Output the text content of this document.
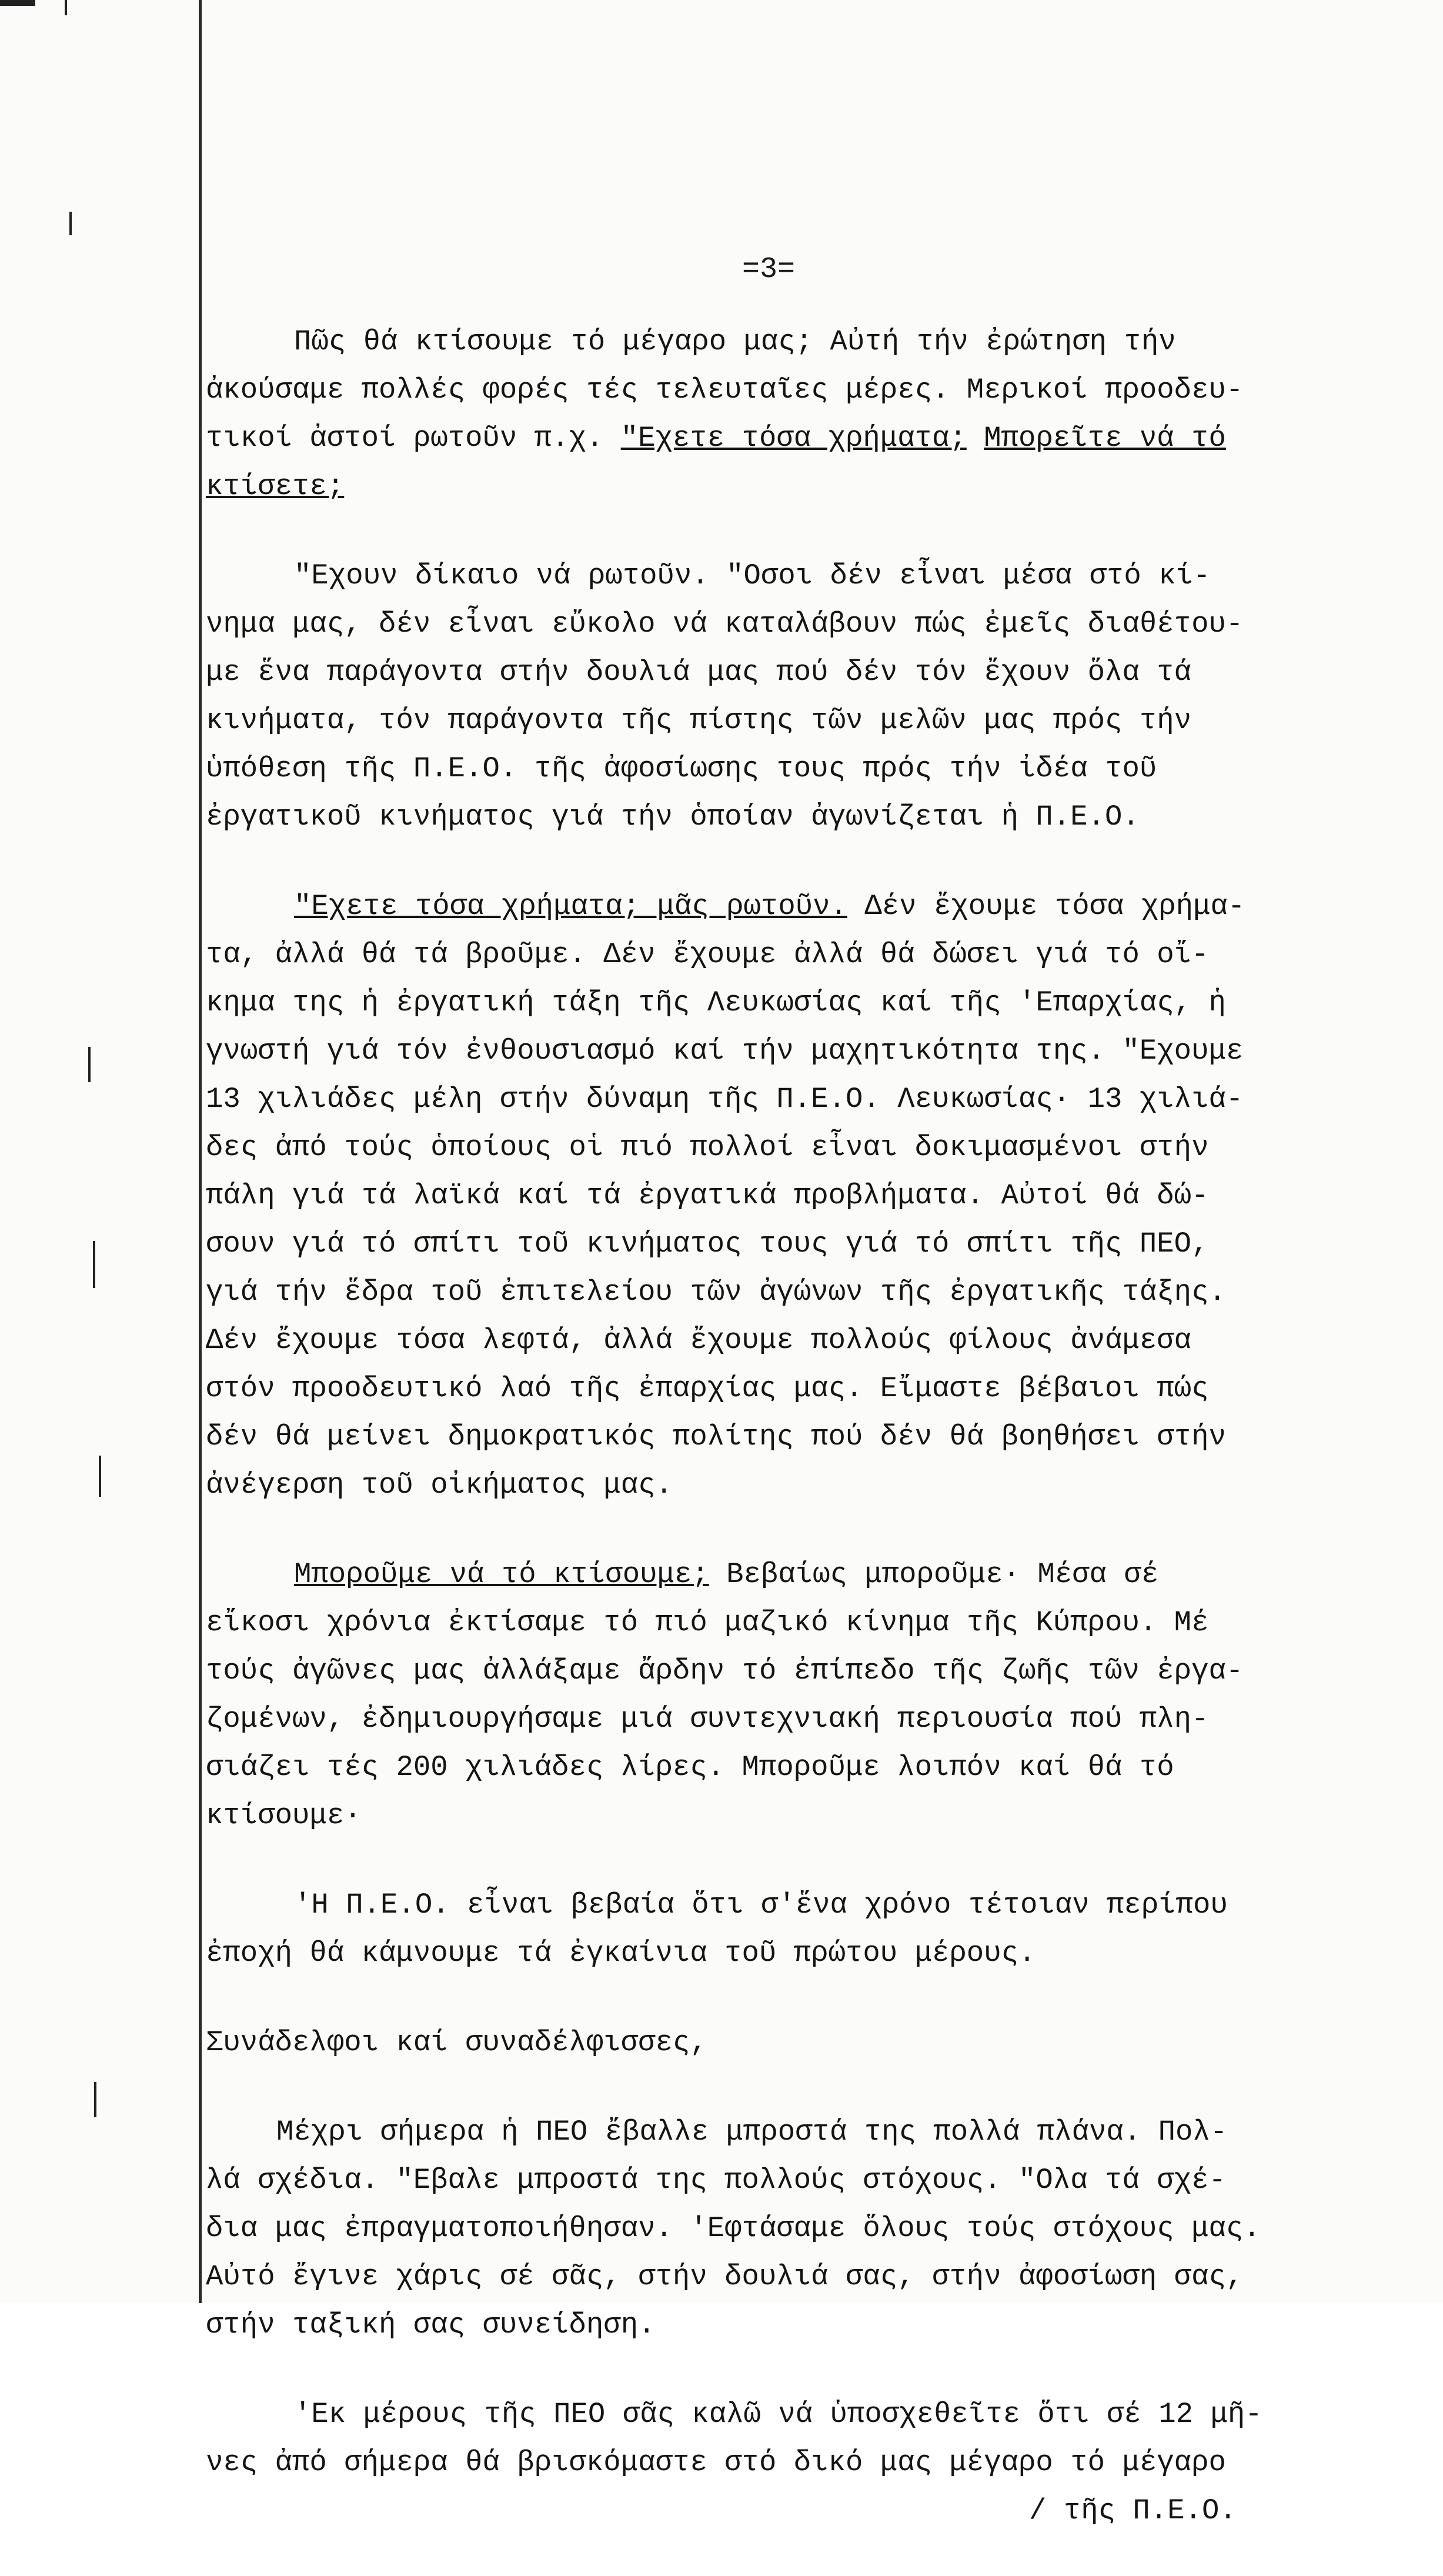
=3=
Πῶς θά κτίσουμε τό μέγαρο μας; Αὐτή τήν ἐρώτηση τήν
ἀκούσαμε πολλές φορές τές τελευταῖες μέρες. Μερικοί προοδευ-
τικοί ἀστοί ρωτοῦν π.χ. "Εχετε τόσα χρήματα; Μπορεῖτε νά τό
κτίσετε;
"Εχουν δίκαιο νά ρωτοῦν. "Οσοι δέν εἶναι μέσα στό κί-
νημα μας, δέν εἶναι εὔκολο νά καταλάβουν πώς ἐμεῖς διαθέτου-
με ἕνα παράγοντα στήν δουλιά μας πού δέν τόν ἔχουν ὅλα τά
κινήματα, τόν παράγοντα τῆς πίστης τῶν μελῶν μας πρός τήν
ὑπόθεση τῆς Π.Ε.Ο. τῆς ἀφοσίωσης τους πρός τήν ἰδέα τοῦ
ἐργατικοῦ κινήματος γιά τήν ὁποίαν ἀγωνίζεται ἡ Π.Ε.Ο.
"Εχετε τόσα χρήματα; μᾶς ρωτοῦν. Δέν ἔχουμε τόσα χρήμα-
τα, ἀλλά θά τά βροῦμε. Δέν ἔχουμε ἀλλά θά δώσει γιά τό οἴ-
κημα της ἡ ἐργατική τάξη τῆς Λευκωσίας καί τῆς 'Επαρχίας, ἡ
γνωστή γιά τόν ἐνθουσιασμό καί τήν μαχητικότητα της. "Εχουμε
13 χιλιάδες μέλη στήν δύναμη τῆς Π.Ε.Ο. Λευκωσίας· 13 χιλιά-
δες ἀπό τούς ὁποίους οἱ πιό πολλοί εἶναι δοκιμασμένοι στήν
πάλη γιά τά λαϊκά καί τά ἐργατικά προβλήματα. Αὐτοί θά δώ-
σουν γιά τό σπίτι τοῦ κινήματος τους γιά τό σπίτι τῆς ΠΕΟ,
γιά τήν ἕδρα τοῦ ἐπιτελείου τῶν ἀγώνων τῆς ἐργατικῆς τάξης.
Δέν ἔχουμε τόσα λεφτά, ἀλλά ἔχουμε πολλούς φίλους ἀνάμεσα
στόν προοδευτικό λαό τῆς ἐπαρχίας μας. Εἴμαστε βέβαιοι πώς
δέν θά μείνει δημοκρατικός πολίτης πού δέν θά βοηθήσει στήν
ἀνέγερση τοῦ οἰκήματος μας.
Μποροῦμε νά τό κτίσουμε; Βεβαίως μποροῦμε· Μέσα σέ
εἴκοσι χρόνια ἐκτίσαμε τό πιό μαζικό κίνημα τῆς Κύπρου. Μέ
τούς ἀγῶνες μας ἀλλάξαμε ἄρδην τό ἐπίπεδο τῆς ζωῆς τῶν ἐργα-
ζομένων, ἐδημιουργήσαμε μιά συντεχνιακή περιουσία πού πλη-
σιάζει τές 200 χιλιάδες λίρες. Μποροῦμε λοιπόν καί θά τό
κτίσουμε·
'Η Π.Ε.Ο. εἶναι βεβαία ὅτι σ'ἕνα χρόνο τέτοιαν περίπου
ἐποχή θά κάμνουμε τά ἐγκαίνια τοῦ πρώτου μέρους.
Συνάδελφοι καί συναδέλφισσες,
Μέχρι σήμερα ἡ ΠΕΟ ἔβαλλε μπροστά της πολλά πλάνα. Πολ-
λά σχέδια. "Εβαλε μπροστά της πολλούς στόχους. "Ολα τά σχέ-
δια μας ἐπραγματοποιήθησαν. 'Εφτάσαμε ὅλους τούς στόχους μας.
Αὐτό ἔγινε χάρις σέ σᾶς, στήν δουλιά σας, στήν ἀφοσίωση σας,
στήν ταξική σας συνείδηση.
'Εκ μέρους τῆς ΠΕΟ σᾶς καλῶ νά ὑποσχεθεῖτε ὅτι σέ 12 μῆ-
νες ἀπό σήμερα θά βρισκόμαστε στό δικό μας μέγαρο τό μέγαρο
/ τῆς Π.Ε.Ο.
